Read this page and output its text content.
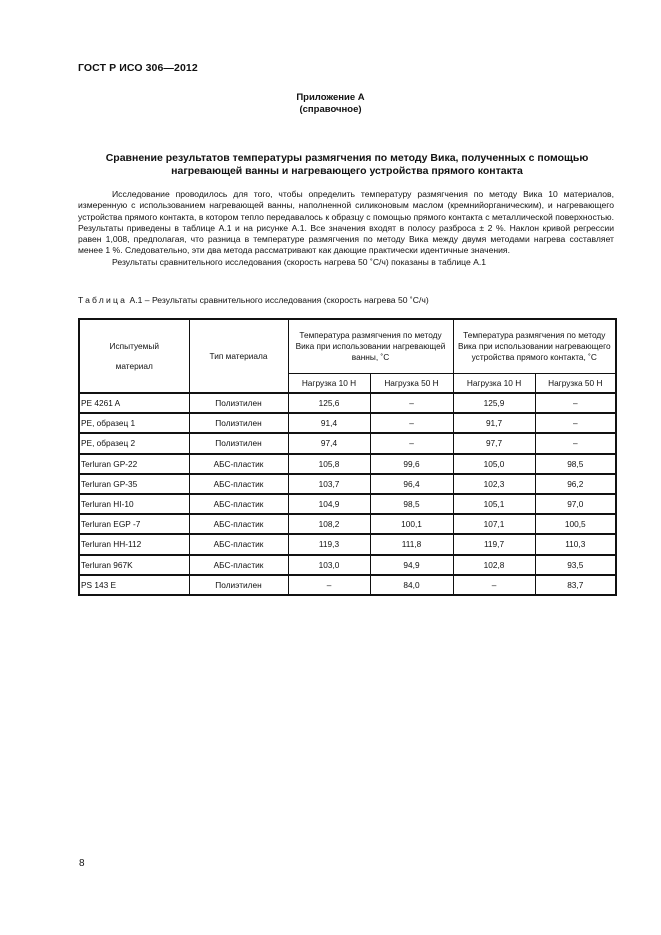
ГОСТ Р ИСО 306—2012
Приложение А
(справочное)
Сравнение результатов температуры размягчения по методу Вика, полученных с помощью
нагревающей ванны и нагревающего устройства прямого контакта

Исследование проводилось для того, чтобы определить температуру размягчения по методу Вика 10 материалов, измеренную с использованием нагревающей ванны, наполненной силиконовым маслом (кремнийорганическим), и нагревающего устройства прямого контакта, в котором тепло передавалось к образцу с помощью прямого контакта с металлической поверхностью. Результаты приведены в таблице А.1 и на рисунке А.1. Все значения входят в полосу разброса ± 2 %. Наклон кривой регрессии равен 1,008, предполагая, что разница в температуре размягчения по методу Вика между двумя методами нагрева составляет менее 1 %. Следовательно, эти два метода рассматривают как дающие практически идентичные значения.

Результаты сравнительного исследования (скорость нагрева 50 ˚С/ч) показаны в таблице А.1

Таблица А.1 – Результаты сравнительного исследования (скорость нагрева 50 ˚С/ч)
Испытуемый материал	Тип материала	Температура размягчения по методу Вика при использовании нагревающей ванны, ˚С		Температура размягчения по методу Вика при использовании нагревающего устройства прямого контакта, ˚С	
		Нагрузка 10 Н	Нагрузка 50 Н	Нагрузка 10 Н	Нагрузка 50 Н
PE 4261 A	Полиэтилен	125,6	–	125,9	–
PE, образец 1	Полиэтилен	91,4	–	91,7	–
PE, образец 2	Полиэтилен	97,4	–	97,7	–
Terluran GP-22	АБС-пластик	105,8	99,6	105,0	98,5
Terluran GP-35	АБС-пластик	103,7	96,4	102,3	96,2
Terluran HI-10	АБС-пластик	104,9	98,5	105,1	97,0
Terluran EGP -7	АБС-пластик	108,2	100,1	107,1	100,5
Terluran HH-112	АБС-пластик	119,3	111,8	119,7	110,3
Terluran 967K	АБС-пластик	103,0	94,9	102,8	93,5
PS 143 E	Полиэтилен	–	84,0	–	83,7
8
